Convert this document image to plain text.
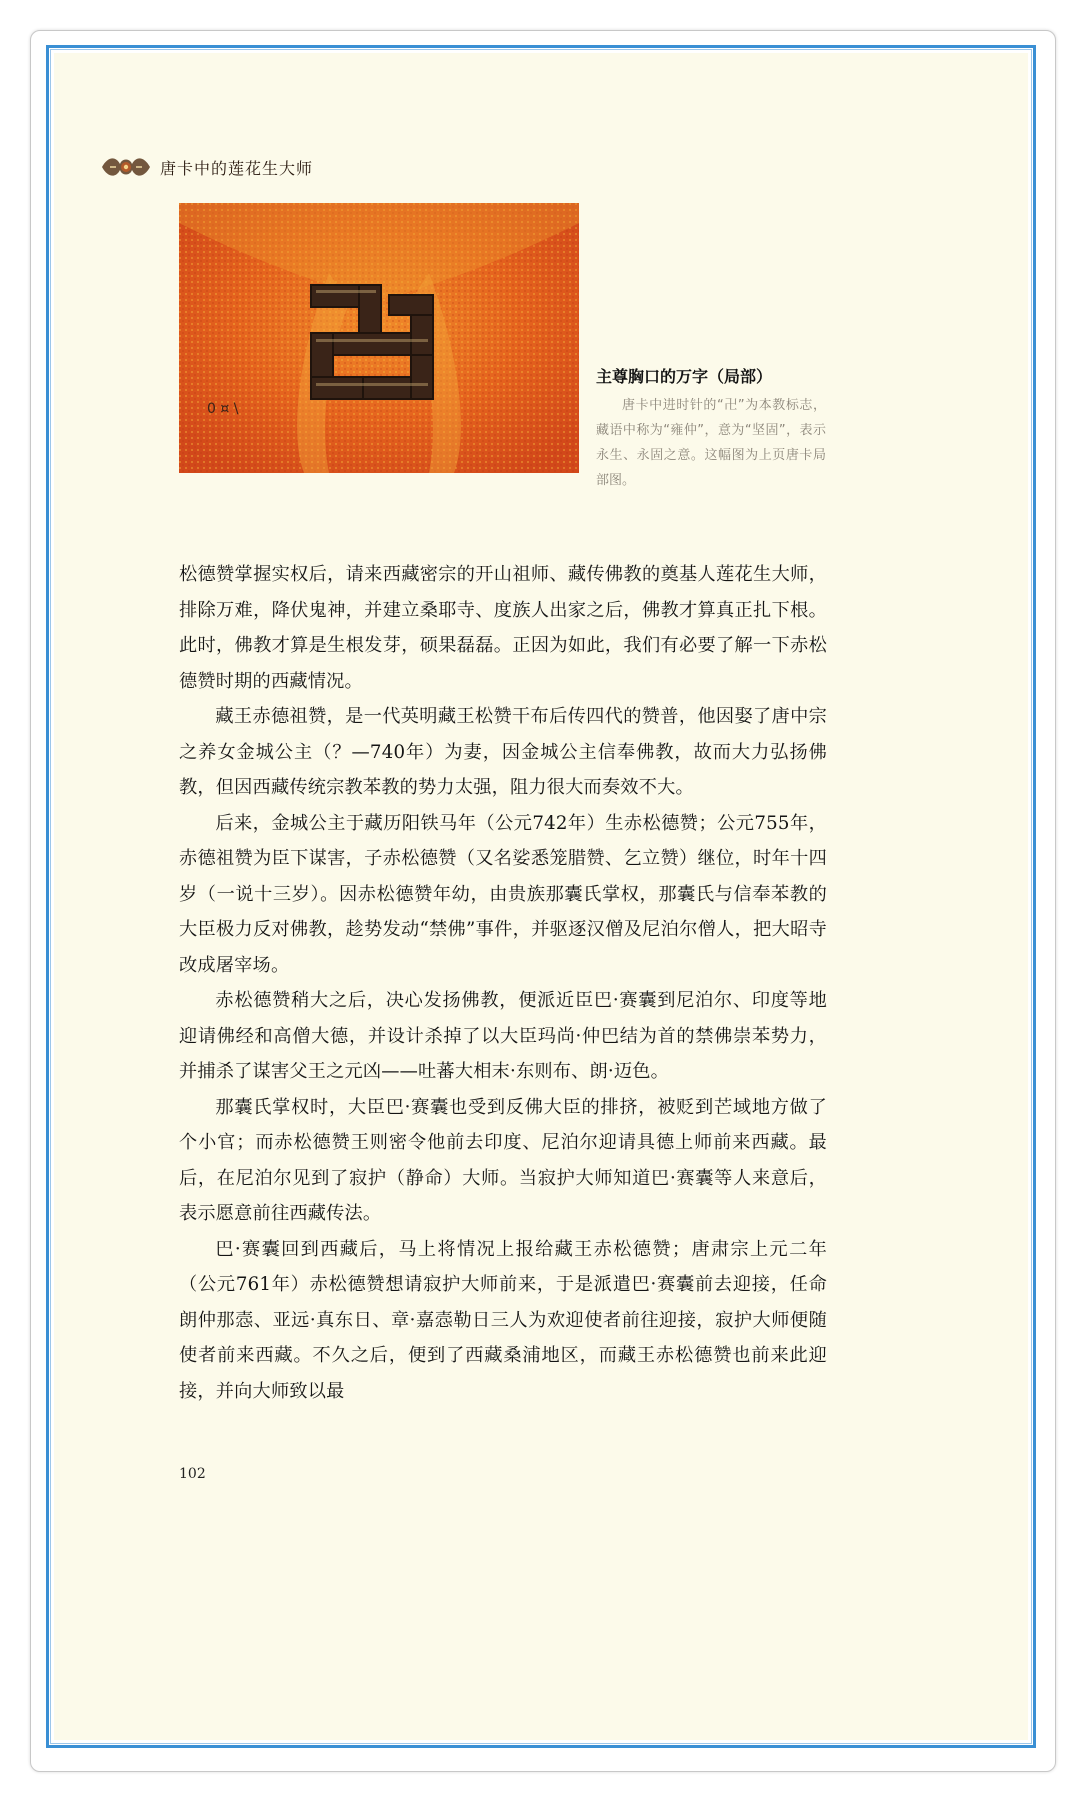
唐卡中的莲花生大师
0 ¤ \
主尊胸口的万字（局部）
唐卡中进时针的“卍”为本教标志，藏语中称为“雍仲”，意为“坚固”，表示永生、永固之意。这幅图为上页唐卡局部图。

松德赞掌握实权后，请来西藏密宗的开山祖师、藏传佛教的奠基人莲花生大师，排除万难，降伏鬼神，并建立桑耶寺、度族人出家之后，佛教才算真正扎下根。此时，佛教才算是生根发芽，硕果磊磊。正因为如此，我们有必要了解一下赤松德赞时期的西藏情况。

藏王赤德祖赞，是一代英明藏王松赞干布后传四代的赞普，他因娶了唐中宗之养女金城公主（？—740年）为妻，因金城公主信奉佛教，故而大力弘扬佛教，但因西藏传统宗教苯教的势力太强，阻力很大而奏效不大。

后来，金城公主于藏历阳铁马年（公元742年）生赤松德赞；公元755年，赤德祖赞为臣下谋害，子赤松德赞（又名娑悉笼腊赞、乞立赞）继位，时年十四岁（一说十三岁）。因赤松德赞年幼，由贵族那囊氏掌权，那囊氏与信奉苯教的大臣极力反对佛教，趁势发动“禁佛”事件，并驱逐汉僧及尼泊尔僧人，把大昭寺改成屠宰场。

赤松德赞稍大之后，决心发扬佛教，便派近臣巴·赛囊到尼泊尔、印度等地迎请佛经和高僧大德，并设计杀掉了以大臣玛尚·仲巴结为首的禁佛崇苯势力，并捕杀了谋害父王之元凶——吐蕃大相末·东则布、朗·迈色。

那囊氏掌权时，大臣巴·赛囊也受到反佛大臣的排挤，被贬到芒域地方做了个小官；而赤松德赞王则密令他前去印度、尼泊尔迎请具德上师前来西藏。最后，在尼泊尔见到了寂护（静命）大师。当寂护大师知道巴·赛囊等人来意后，表示愿意前往西藏传法。

巴·赛囊回到西藏后，马上将情况上报给藏王赤松德赞；唐肃宗上元二年（公元761年）赤松德赞想请寂护大师前来，于是派遣巴·赛囊前去迎接，任命朗仲那悫、亚远·真东日、章·嘉悫勒日三人为欢迎使者前往迎接，寂护大师便随使者前来西藏。不久之后，便到了西藏桑浦地区，而藏王赤松德赞也前来此迎接，并向大师致以最

102
